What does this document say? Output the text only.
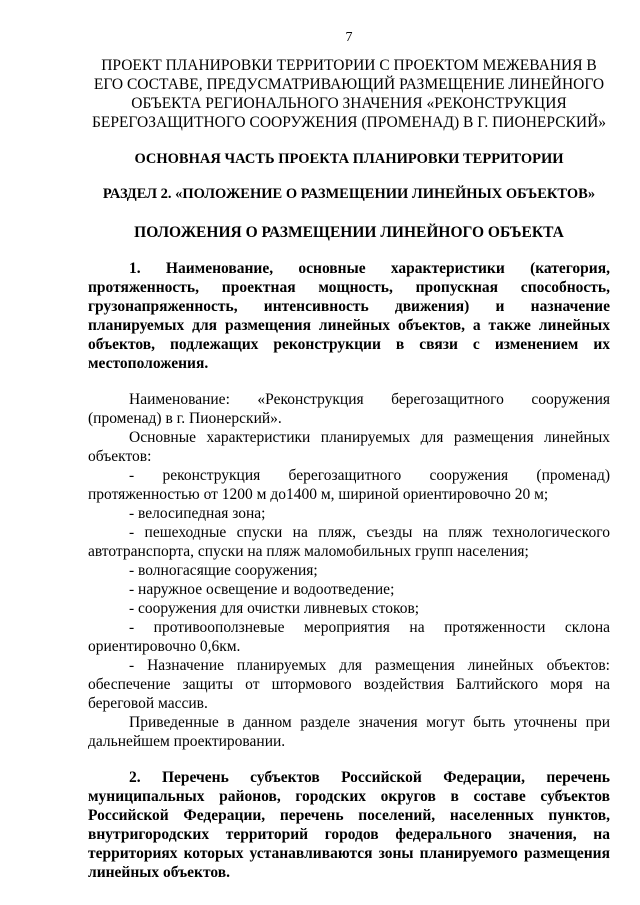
7
ПРОЕКТ ПЛАНИРОВКИ ТЕРРИТОРИИ С ПРОЕКТОМ МЕЖЕВАНИЯ В ЕГО СОСТАВЕ, ПРЕДУСМАТРИВАЮЩИЙ РАЗМЕЩЕНИЕ ЛИНЕЙНОГО ОБЪЕКТА РЕГИОНАЛЬНОГО ЗНАЧЕНИЯ «РЕКОНСТРУКЦИЯ БЕРЕГОЗАЩИТНОГО СООРУЖЕНИЯ (ПРОМЕНАД) В Г. ПИОНЕРСКИЙ»
ОСНОВНАЯ ЧАСТЬ ПРОЕКТА ПЛАНИРОВКИ ТЕРРИТОРИИ
РАЗДЕЛ 2. «ПОЛОЖЕНИЕ О РАЗМЕЩЕНИИ ЛИНЕЙНЫХ ОБЪЕКТОВ»
ПОЛОЖЕНИЯ О РАЗМЕЩЕНИИ ЛИНЕЙНОГО ОБЪЕКТА

1. Наименование, основные характеристики (категория, протяженность, проектная мощность, пропускная способность, грузонапряженность, интенсивность движения) и назначение планируемых для размещения линейных объектов, а также линейных объектов, подлежащих реконструкции в связи с изменением их местоположения.

Наименование: «Реконструкция берегозащитного сооружения (променад) в г. Пионерский».

Основные характеристики планируемых для размещения линейных объектов:

- реконструкция берегозащитного сооружения (променад) протяженностью от 1200 м до1400 м, шириной ориентировочно 20 м;

- велосипедная зона;

- пешеходные спуски на пляж, съезды на пляж технологического автотранспорта, спуски на пляж маломобильных групп населения;

- волногасящие сооружения;

- наружное освещение и водоотведение;

- сооружения для очистки ливневых стоков;

- противооползневые мероприятия на протяженности склона ориентировочно 0,6км.

- Назначение планируемых для размещения линейных объектов: обеспечение защиты от штормового воздействия Балтийского моря на береговой массив.

Приведенные в данном разделе значения могут быть уточнены при дальнейшем проектировании.

2. Перечень субъектов Российской Федерации, перечень муниципальных районов, городских округов в составе субъектов Российской Федерации, перечень поселений, населенных пунктов, внутригородских территорий городов федерального значения, на территориях которых устанавливаются зоны планируемого размещения линейных объектов.
